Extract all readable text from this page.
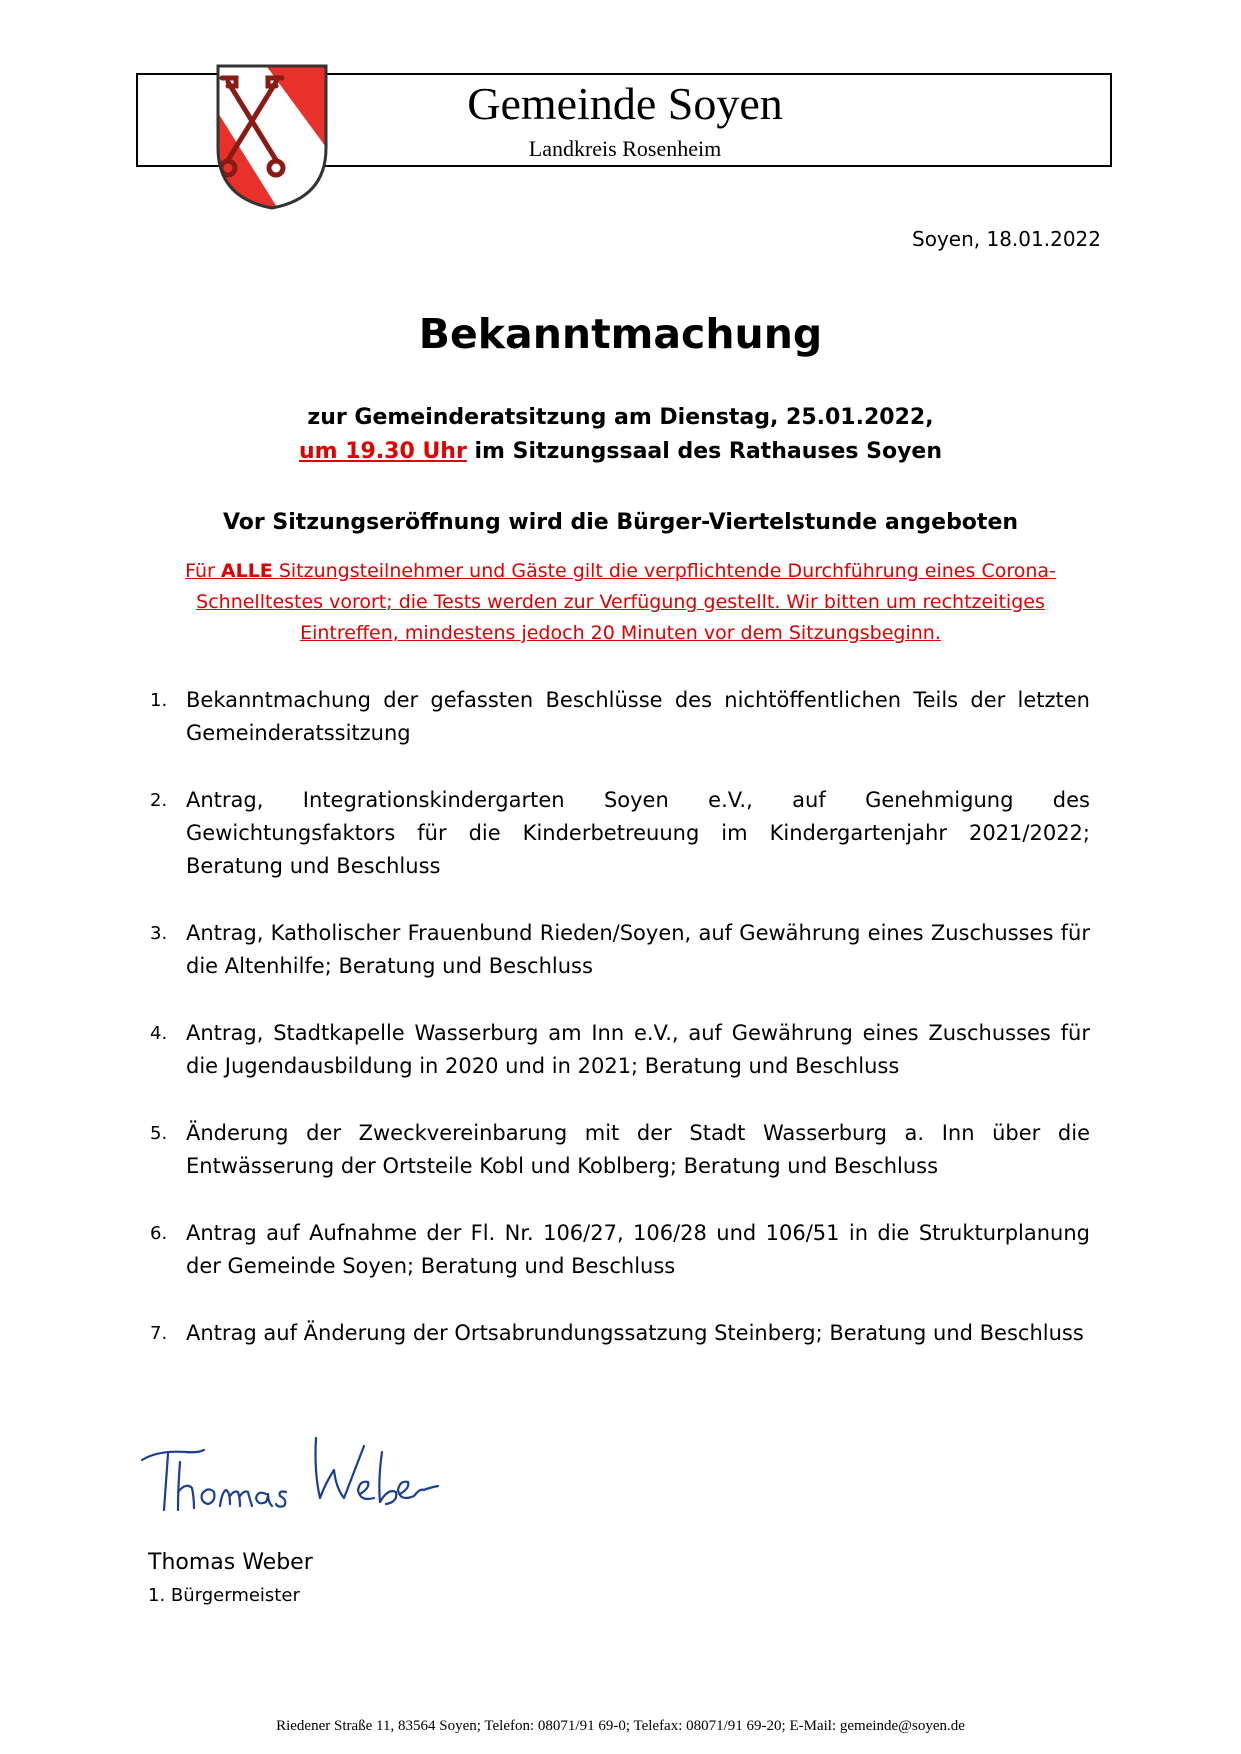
Gemeinde Soyen
Landkreis Rosenheim
Soyen, 18.01.2022
Bekanntmachung
zur Gemeinderatsitzung am Dienstag, 25.01.2022,
um 19.30 Uhr im Sitzungssaal des Rathauses Soyen
Vor Sitzungseröffnung wird die Bürger-Viertelstunde angeboten
Für ALLE Sitzungsteilnehmer und Gäste gilt die verpflichtende Durchführung eines Corona-
Schnelltestes vorort; die Tests werden zur Verfügung gestellt. Wir bitten um rechtzeitiges
Eintreffen, mindestens jedoch 20 Minuten vor dem Sitzungsbeginn.
1. Bekanntmachung der gefassten Beschlüsse des nichtöffentlichen Teils der letzten Gemeinderatssitzung
2. Antrag, Integrationskindergarten Soyen e.V., auf Genehmigung des Gewichtungsfaktors für die Kinderbetreuung im Kindergartenjahr 2021/2022; Beratung und Beschluss
3. Antrag, Katholischer Frauenbund Rieden/Soyen, auf Gewährung eines Zuschusses für die Altenhilfe; Beratung und Beschluss
4. Antrag, Stadtkapelle Wasserburg am Inn e.V., auf Gewährung eines Zuschusses für die Jugendausbildung in 2020 und in 2021; Beratung und Beschluss
5. Änderung der Zweckvereinbarung mit der Stadt Wasserburg a. Inn über die Entwässerung der Ortsteile Kobl und Koblberg; Beratung und Beschluss
6. Antrag auf Aufnahme der Fl. Nr. 106/27, 106/28 und 106/51 in die Strukturplanung der Gemeinde Soyen; Beratung und Beschluss
7. Antrag auf Änderung der Ortsabrundungssatzung Steinberg; Beratung und Beschluss
Thomas Weber
1. Bürgermeister
Riedener Straße 11, 83564 Soyen; Telefon: 08071/91 69-0; Telefax: 08071/91 69-20; E-Mail: gemeinde@soyen.de
